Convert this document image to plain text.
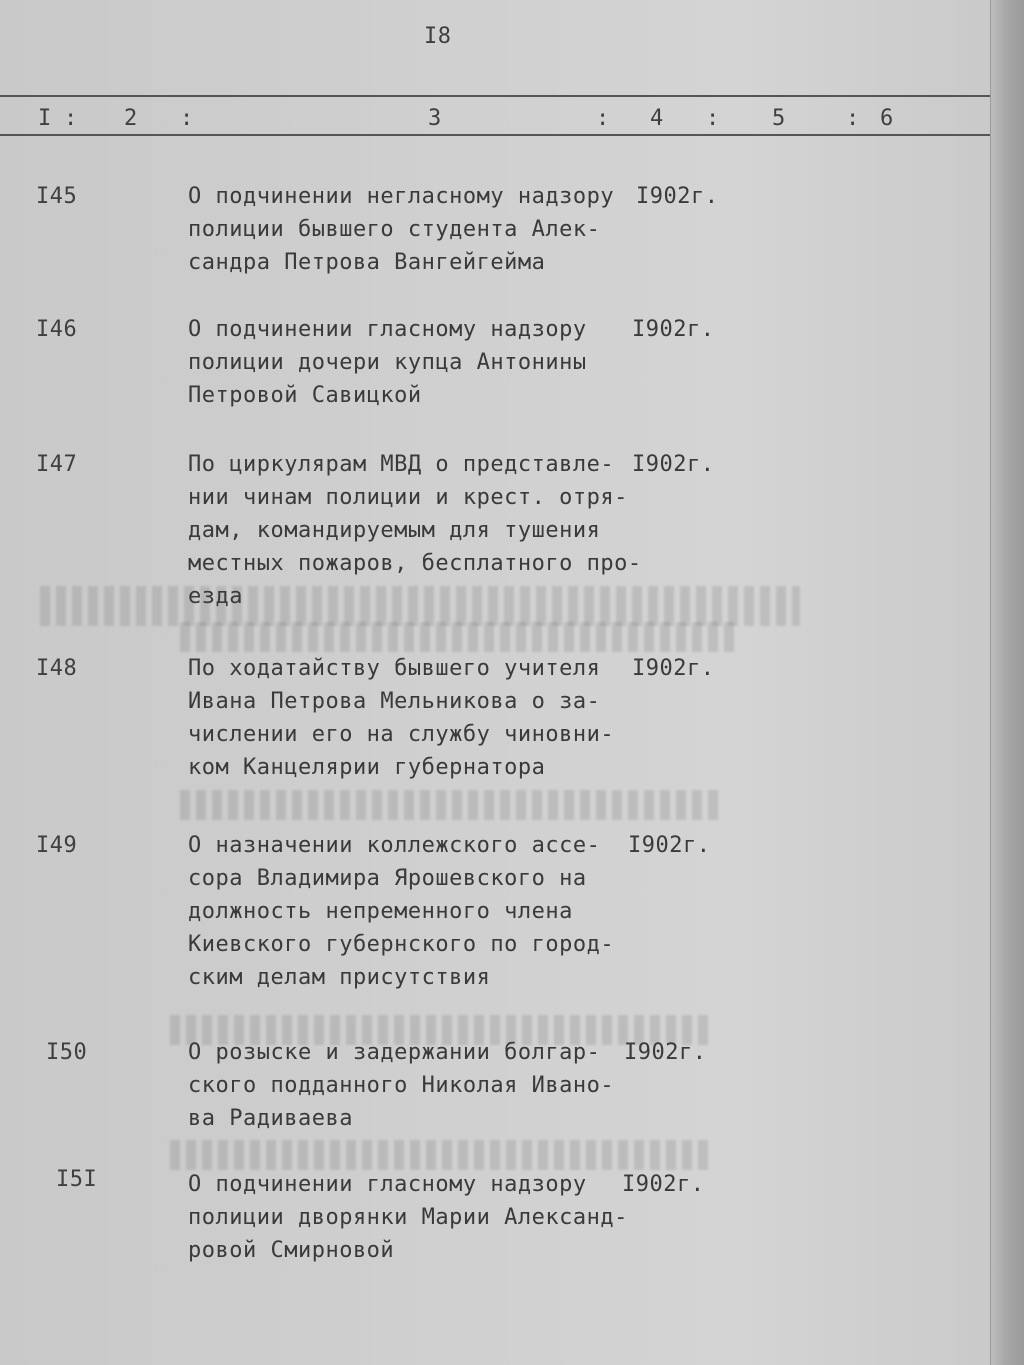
I8
I : 2 :	3	: 4 : 5	: 6
I45	О подчинении негласному надзору
полиции бывшего студента Алек-
сандра Петрова Вангейгейма
I902г.
I46	О подчинении гласному надзору
полиции дочери купца Антонины
Петровой Савицкой
I902г.
I47	По циркулярам МВД о представле-
нии чинам полиции и крест. отря-
дам, командируемым для тушения
местных пожаров, бесплатного про-
езда
I902г.
I48	По ходатайству бывшего учителя
Ивана Петрова Мельникова о за-
числении его на службу чиновни-
ком Канцелярии губернатора
I902г.
I49	О назначении коллежского ассе-
сора Владимира Ярошевского на
должность непременного члена
Киевского губернского по город-
ским делам присутствия
I902г.
I50	О розыске и задержании болгар-
ского подданного Николая Ивано-
ва Радиваева
I902г.
I5I	О подчинении гласному надзору
полиции дворянки Марии Александ-
ровой Смирновой
I902г.
